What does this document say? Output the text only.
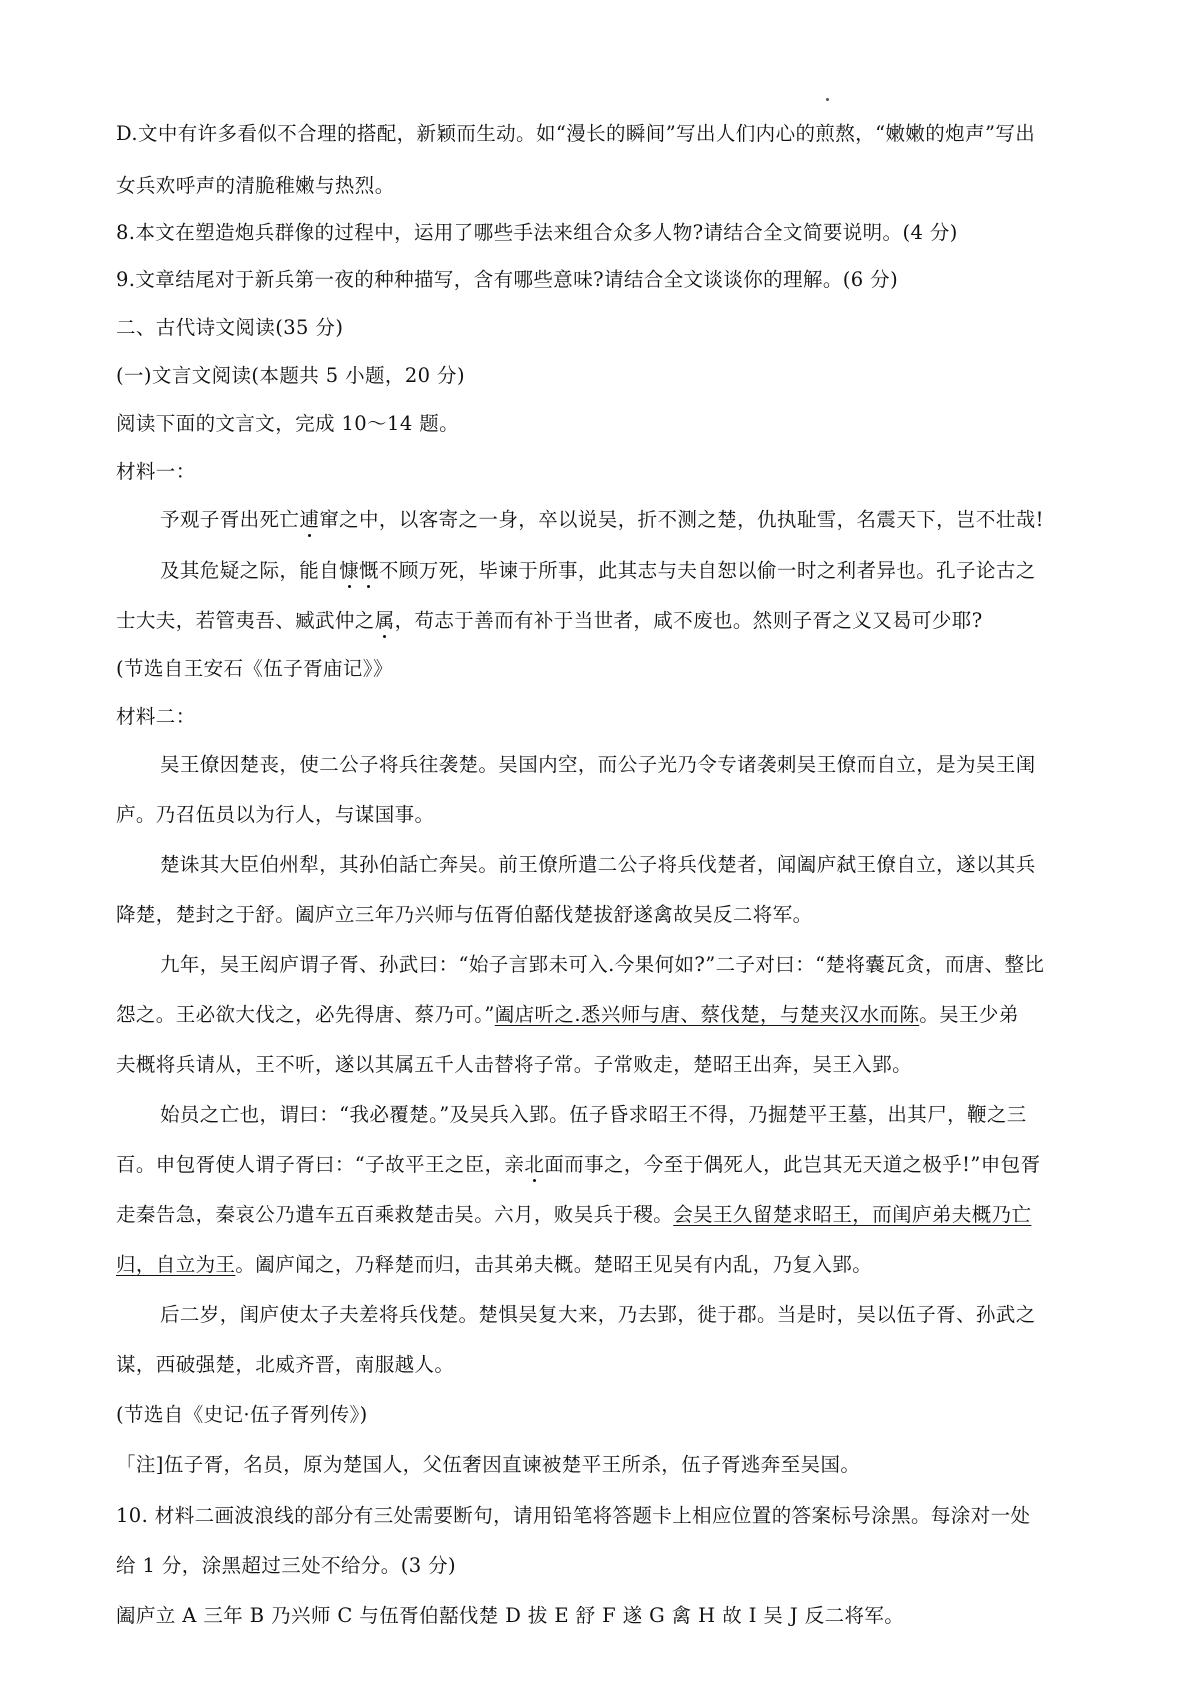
D.文中有许多看似不合理的搭配，新颖而生动。如“漫长的瞬间”写出人们内心的煎熬，“嫩嫩的炮声”写出
女兵欢呼声的清脆稚嫩与热烈。
8.本文在塑造炮兵群像的过程中，运用了哪些手法来组合众多人物?请结合全文简要说明。(4 分)
9.文章结尾对于新兵第一夜的种种描写，含有哪些意味?请结合全文谈谈你的理解。(6 分)
二、古代诗文阅读(35 分)
(一)文言文阅读(本题共 5 小题，20 分)
阅读下面的文言文，完成 10～14 题。
材料一：
予观子胥出死亡逋窜之中，以客寄之一身，卒以说吴，折不测之楚，仇执耻雪，名震天下，岂不壮哉!
及其危疑之际，能自慷慨不顾万死，毕谏于所事，此其志与夫自恕以偷一时之利者异也。孔子论古之
士大夫，若管夷吾、臧武仲之属，苟志于善而有补于当世者，咸不废也。然则子胥之义又曷可少耶?
(节选自王安石《伍子胥庙记》》
材料二：
吴王僚因楚丧，使二公子将兵往袭楚。吴国内空，而公子光乃令专诸袭刺吴王僚而自立，是为吴王闺
庐。乃召伍员以为行人，与谋国事。
楚诛其大臣伯州犁，其孙伯話亡奔吴。前王僚所遣二公子将兵伐楚者，闻阖庐弑王僚自立，遂以其兵
降楚，楚封之于舒。阖庐立三年乃兴师与伍胥伯嚭伐楚拔舒遂禽故吴反二将军。
九年，吴王闳庐谓子胥、孙武曰：“始子言郢未可入.今果何如?”二子对曰：“楚将囊瓦贪，而唐、整比
怨之。王必欲大伐之，必先得唐、蔡乃可。”阖店听之.悉兴师与唐、蔡伐楚，与楚夹汉水而陈。吴王少弟
夫概将兵请从，王不听，遂以其属五千人击替将子常。子常败走，楚昭王出奔，吴王入郢。
始员之亡也，谓曰：“我必覆楚。”及吴兵入郢。伍子昏求昭王不得，乃掘楚平王墓，出其尸，鞭之三
百。申包胥使人谓子胥曰：“子故平王之臣，亲北面而事之，今至于偶死人，此岂其无天道之极乎!”申包胥
走秦告急，秦哀公乃遣车五百乘救楚击吴。六月，败吴兵于稷。会吴王久留楚求昭王，而闺庐弟夫概乃亡
归，自立为王。阖庐闻之，乃释楚而归，击其弟夫概。楚昭王见吴有内乱，乃复入郢。
后二岁，闺庐使太子夫差将兵伐楚。楚惧吴复大来，乃去郢，徙于郡。当是时，吴以伍子胥、孙武之
谋，西破强楚，北威齐晋，南服越人。
(节选自《史记·伍子胥列传》)
「注]伍子胥，名员，原为楚国人，父伍奢因直谏被楚平王所杀，伍子胥逃奔至吴国。
10. 材料二画波浪线的部分有三处需要断句，请用铅笔将答题卡上相应位置的答案标号涂黑。每涂对一处
给 1 分，涂黑超过三处不给分。(3 分)
阖庐立 A 三年 B 乃兴师 C 与伍胥伯嚭伐楚 D 拔 E 舒 F 遂 G 禽 H 故 I 吴 J 反二将军。
